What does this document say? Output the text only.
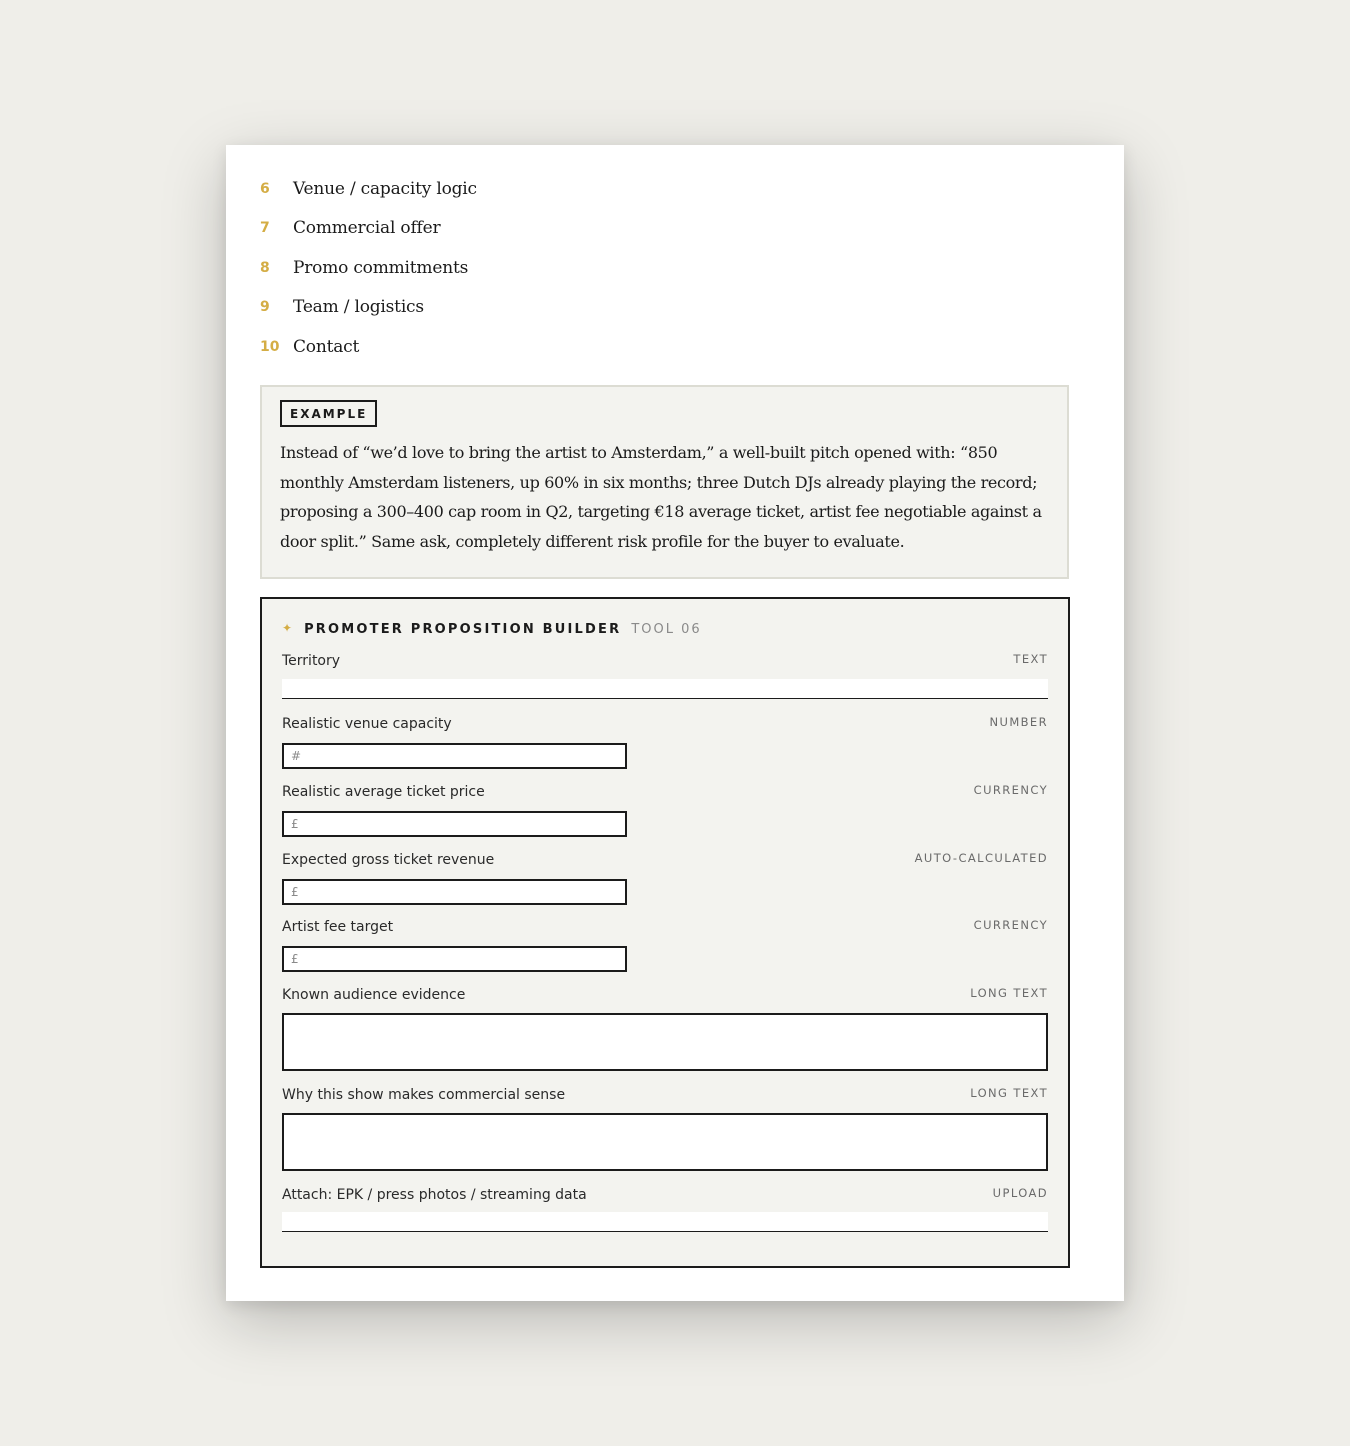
6 Venue / capacity logic
7 Commercial offer
8 Promo commitments
9 Team / logistics
10 Contact
EXAMPLE

Instead of “we’d love to bring the artist to Amsterdam,” a well-built pitch opened with: “850 monthly Amsterdam listeners, up 60% in six months; three Dutch DJs already playing the record; proposing a 300–400 cap room in Q2, targeting €18 average ticket, artist fee negotiable against a door split.” Same ask, completely different risk profile for the buyer to evaluate.

✦ PROMOTER PROPOSITION BUILDER TOOL 06
Territory	TEXT
Realistic venue capacity	NUMBER
#
Realistic average ticket price	CURRENCY
£
Expected gross ticket revenue	AUTO-CALCULATED
£
Artist fee target	CURRENCY
£
Known audience evidence	LONG TEXT
Why this show makes commercial sense	LONG TEXT
Attach: EPK / press photos / streaming data	UPLOAD
